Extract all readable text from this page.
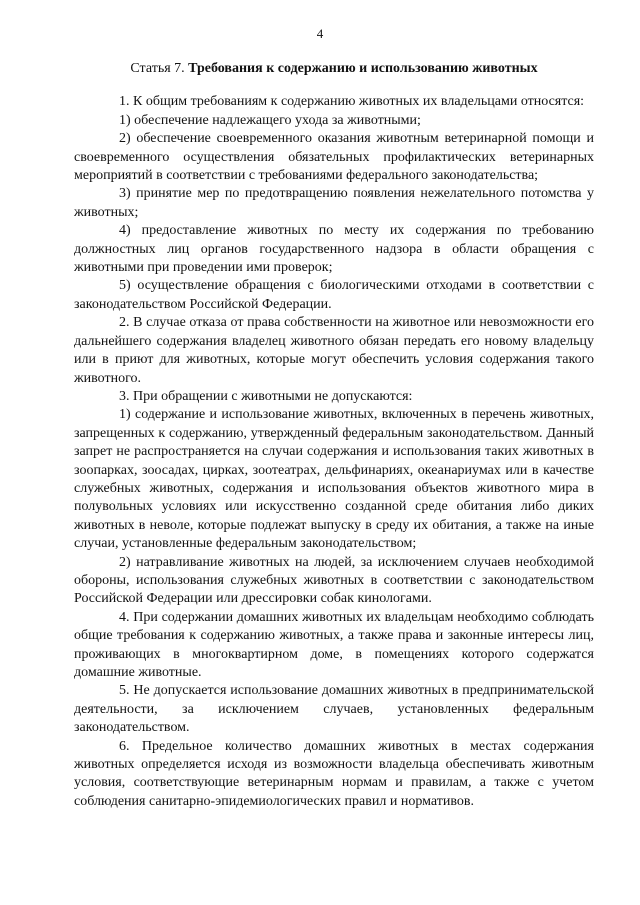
4

Статья 7. Требования к содержанию и использованию животных

1. К общим требованиям к содержанию животных их владельцами относятся:

1) обеспечение надлежащего ухода за животными;

2) обеспечение своевременного оказания животным ветеринарной помощи и своевременного осуществления обязательных профилактических ветеринарных мероприятий в соответствии с требованиями федерального законодательства;

3) принятие мер по предотвращению появления нежелательного потомства у животных;

4) предоставление животных по месту их содержания по требованию должностных лиц органов государственного надзора в области обращения с животными при проведении ими проверок;

5) осуществление обращения с биологическими отходами в соответствии с законодательством Российской Федерации.

2. В случае отказа от права собственности на животное или невозможности его дальнейшего содержания владелец животного обязан передать его новому владельцу или в приют для животных, которые могут обеспечить условия содержания такого животного.

3. При обращении с животными не допускаются:

1) содержание и использование животных, включенных в перечень животных, запрещенных к содержанию, утвержденный федеральным законодательством. Данный запрет не распространяется на случаи содержания и использования таких животных в зоопарках, зоосадах, цирках, зоотеатрах, дельфинариях, океанариумах или в качестве служебных животных, содержания и использования объектов животного мира в полувольных условиях или искусственно созданной среде обитания либо диких животных в неволе, которые подлежат выпуску в среду их обитания, а также на иные случаи, установленные федеральным законодательством;

2) натравливание животных на людей, за исключением случаев необходимой обороны, использования служебных животных в соответствии с законодательством Российской Федерации или дрессировки собак кинологами.

4. При содержании домашних животных их владельцам необходимо соблюдать общие требования к содержанию животных, а также права и законные интересы лиц, проживающих в многоквартирном доме, в помещениях которого содержатся домашние животные.

5. Не допускается использование домашних животных в предпринимательской деятельности, за исключением случаев, установленных федеральным законодательством.

6. Предельное количество домашних животных в местах содержания животных определяется исходя из возможности владельца обеспечивать животным условия, соответствующие ветеринарным нормам и правилам, а также с учетом соблюдения санитарно-эпидемиологических правил и нормативов.
